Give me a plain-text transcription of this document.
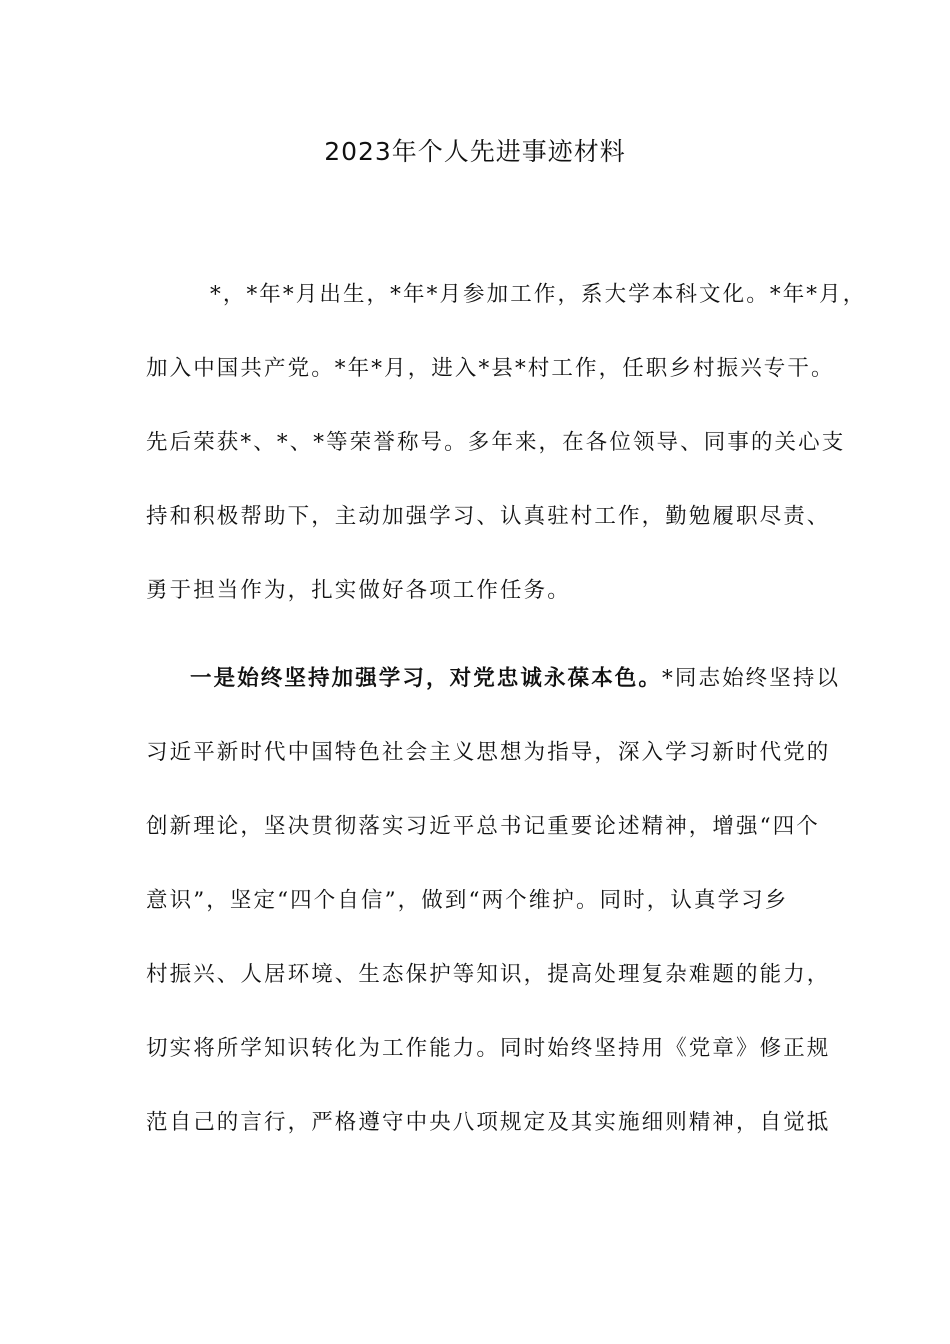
2023年个人先进事迹材料
*，*年*月出生，*年*月参加工作，系大学本科文化。*年*月，
加入中国共产党。*年*月，进入*县*村工作，任职乡村振兴专干。
先后荣获*、*、*等荣誉称号。多年来，在各位领导、同事的关心支
持和积极帮助下，主动加强学习、认真驻村工作，勤勉履职尽责、
勇于担当作为，扎实做好各项工作任务。
一是始终坚持加强学习，对党忠诚永葆本色。*同志始终坚持以
习近平新时代中国特色社会主义思想为指导，深入学习新时代党的
创新理论，坚决贯彻落实习近平总书记重要论述精神，增强“四个
意识”，坚定“四个自信”，做到“两个维护。同时，认真学习乡
村振兴、人居环境、生态保护等知识，提高处理复杂难题的能力，
切实将所学知识转化为工作能力。同时始终坚持用《党章》修正规
范自己的言行，严格遵守中央八项规定及其实施细则精神，自觉抵
